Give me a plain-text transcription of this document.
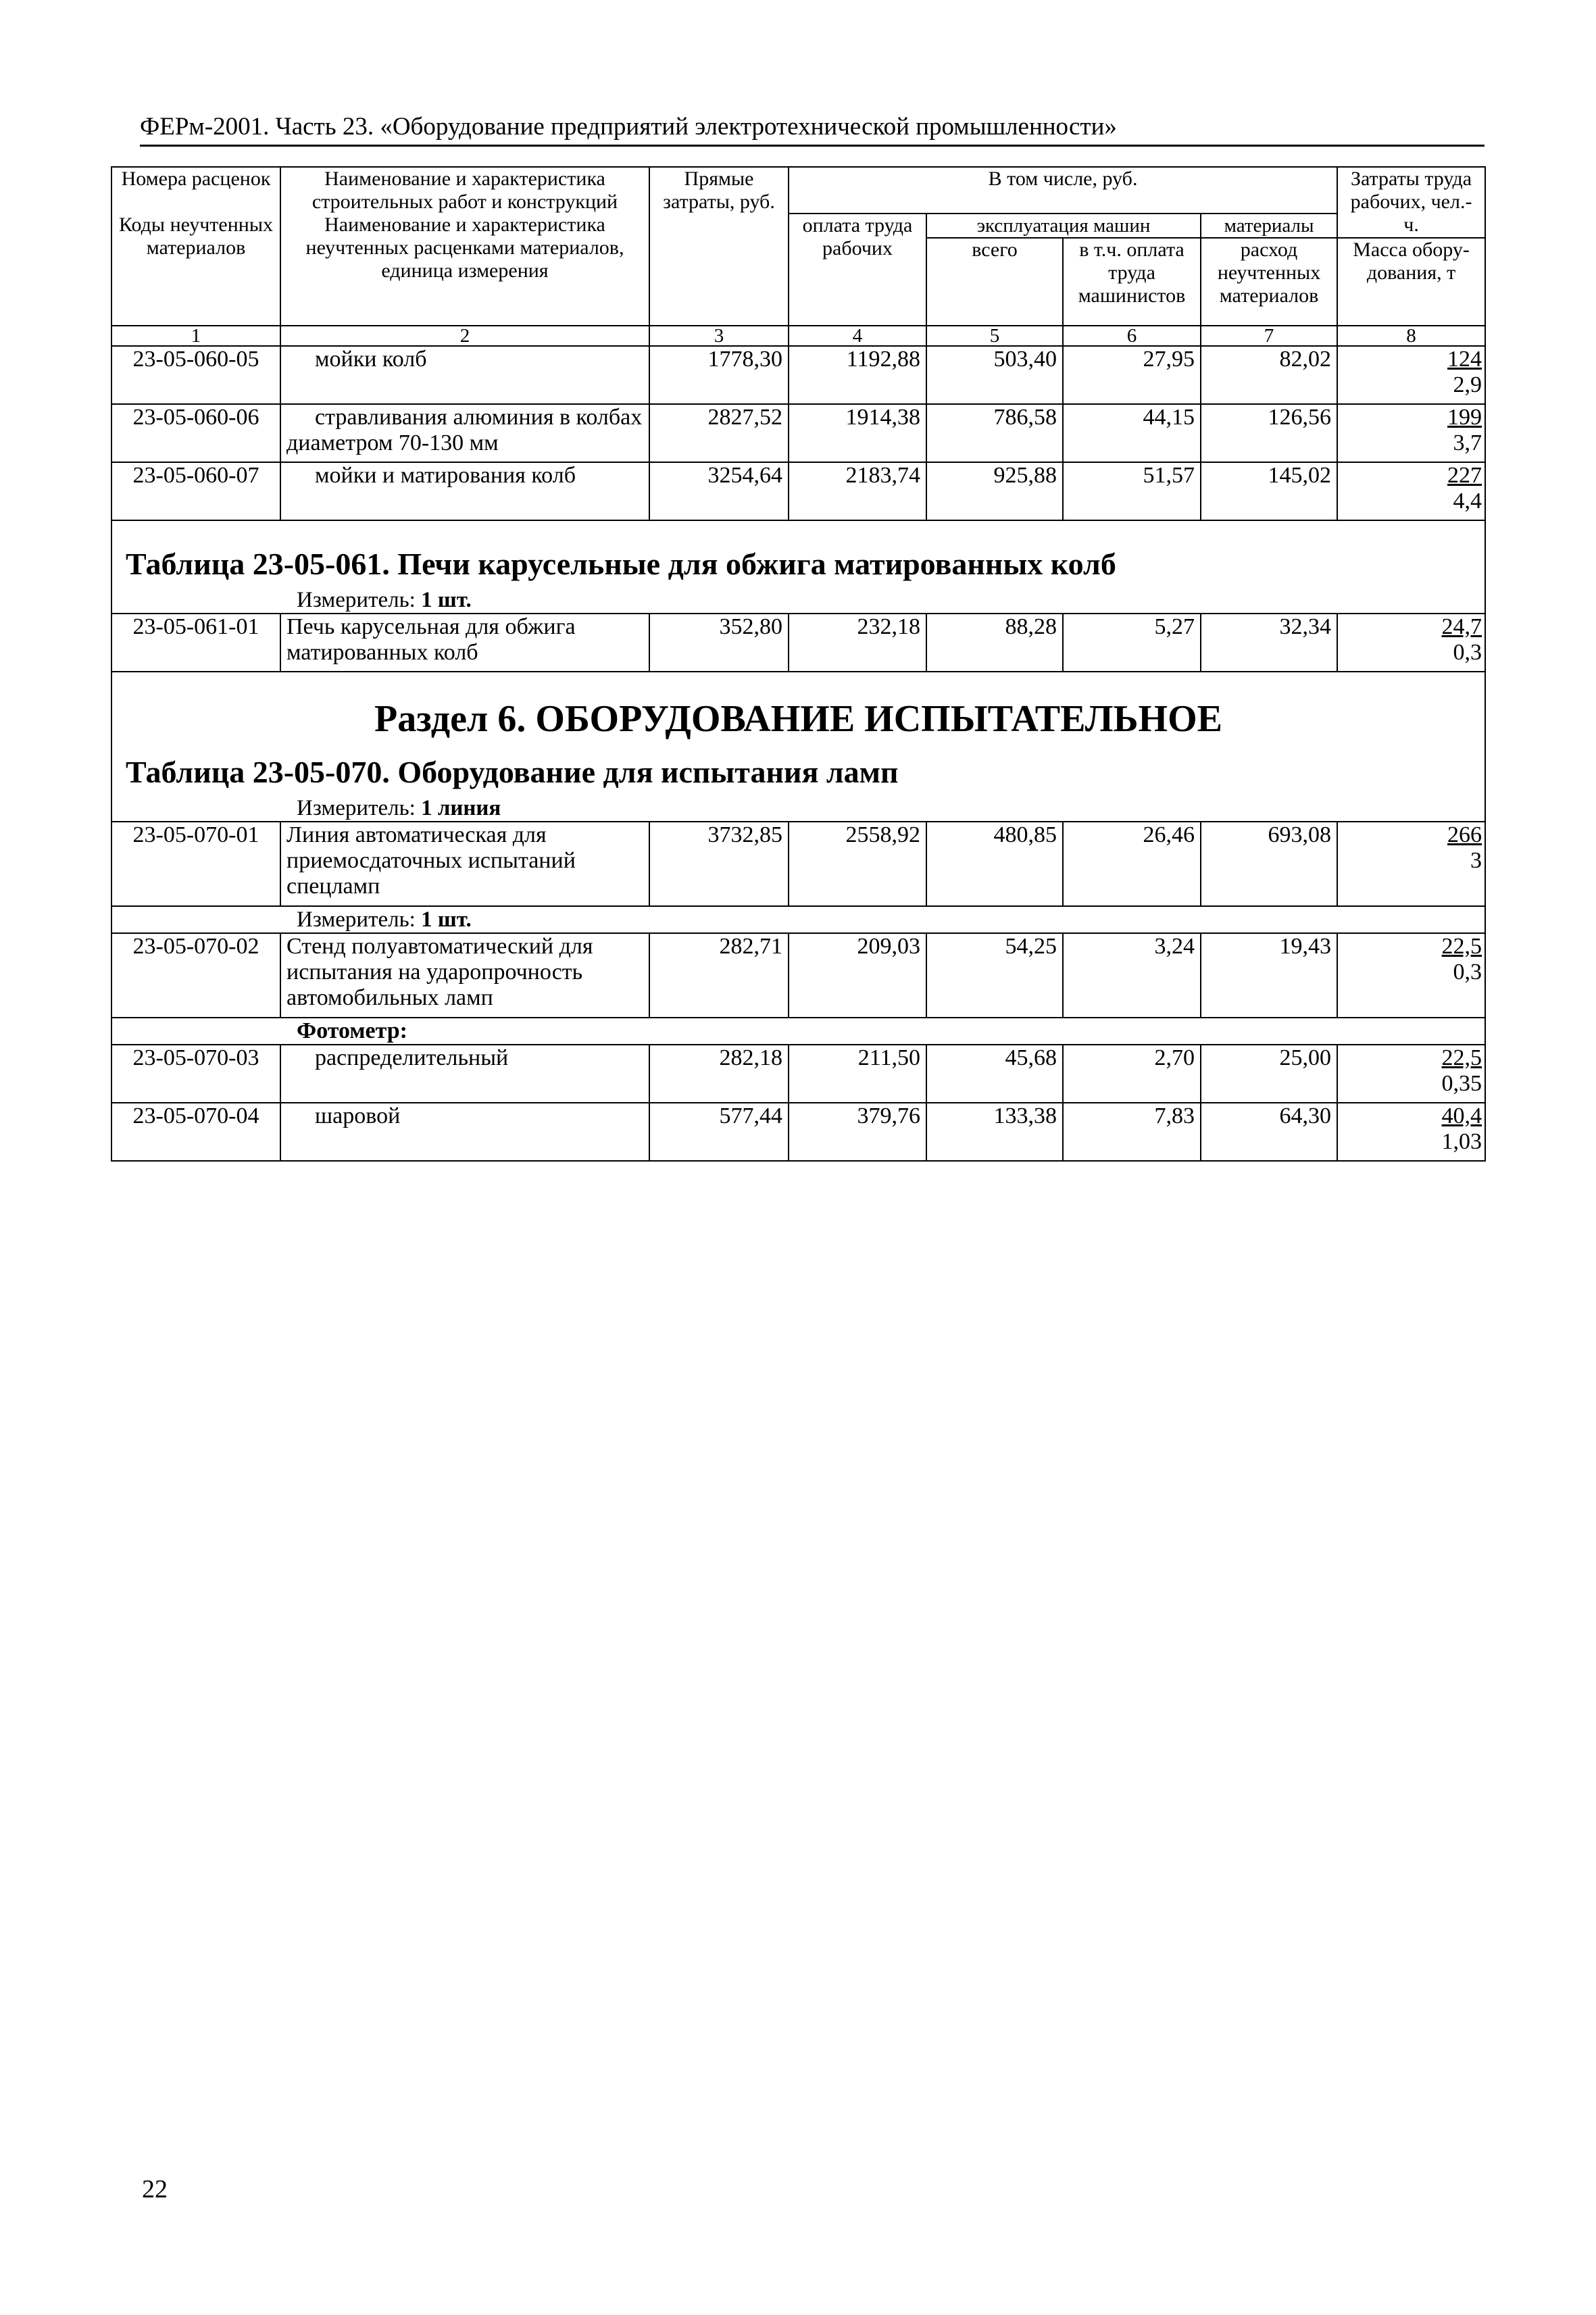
ФЕРм-2001. Часть 23. «Оборудование предприятий электротехнической промышленности»
Номера расценок	Наименование и характеристика строительных работ и конструкций	Прямые затраты, руб.	В том числе, руб.				Затраты труда рабочих, чел.-ч.
Коды неучтенных материалов	Наименование и характеристика неучтенных расценками материалов, единица измерения		оплата труда рабочих	эксплуатация машин		материалы	
				всего	в т.ч. оплата труда машинистов	расход неучтенных материалов	Масса обору-дования, т
1	2	3	4	5	6	7	8
23-05-060-05	мойки колб	1778,30	1192,88	503,40	27,95	82,02	124
2,9

23-05-060-06	стравливания алюминия в колбах диаметром 70-130 мм	2827,52	1914,38	786,58	44,15	126,56	199
3,7

23-05-060-07	мойки и матирования колб	3254,64	2183,74	925,88	51,57	145,02	227
4,4

Таблица 23-05-061. Печи карусельные для обжига матированных колб							
Измеритель: 1 шт.							
23-05-061-01	Печь карусельная для обжига матированных колб	352,80	232,18	88,28	5,27	32,34	24,7
0,3

Раздел 6. ОБОРУДОВАНИЕ ИСПЫТАТЕЛЬНОЕ							
Таблица 23-05-070. Оборудование для испытания ламп							
Измеритель: 1 линия							
23-05-070-01	Линия автоматическая для приемосдаточных испытаний спецламп	3732,85	2558,92	480,85	26,46	693,08	266
3

Измеритель: 1 шт.							
23-05-070-02	Стенд полуавтоматический для испытания на ударопрочность автомобильных ламп	282,71	209,03	54,25	3,24	19,43	22,5
0,3

	Фотометр:						
23-05-070-03	распределительный	282,18	211,50	45,68	2,70	25,00	22,5
0,35

23-05-070-04	шаровой	577,44	379,76	133,38	7,83	64,30	40,4
1,03
22
